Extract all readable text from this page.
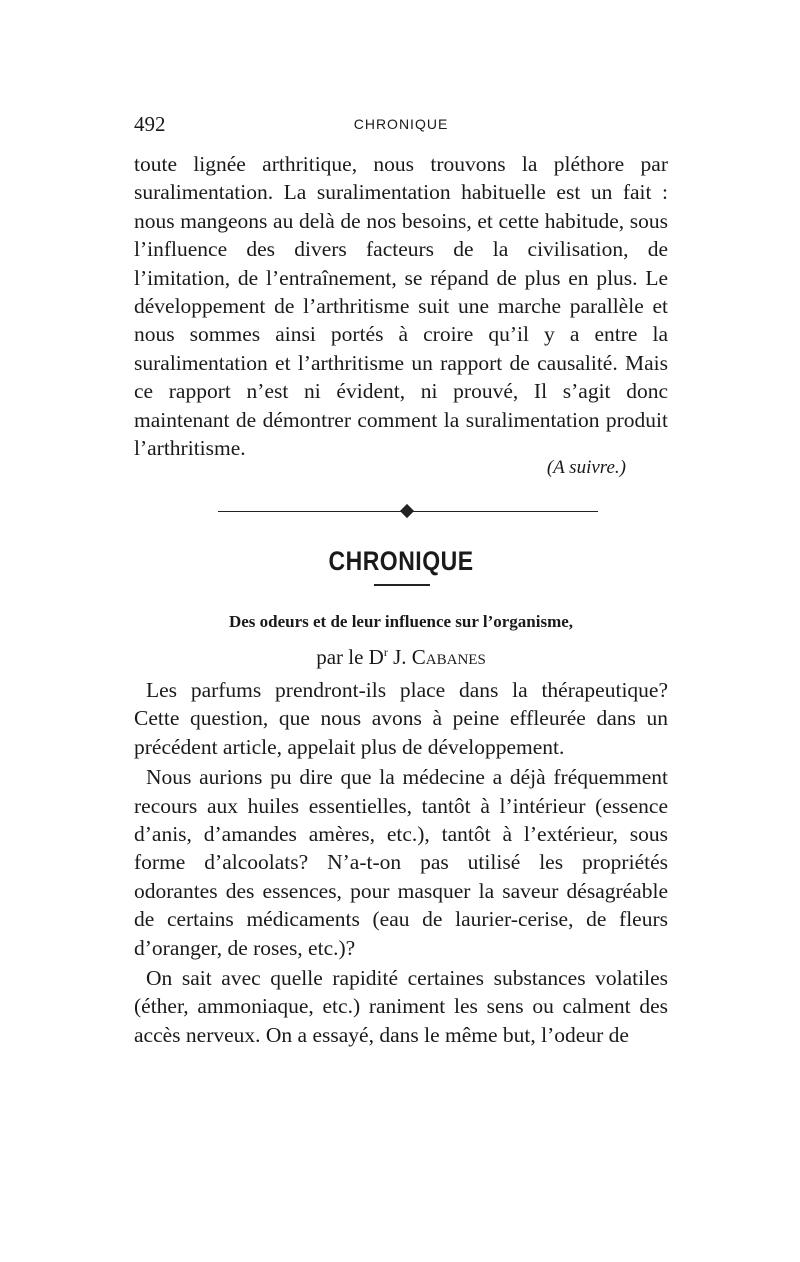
492	CHRONIQUE

toute lignée arthritique, nous trouvons la pléthore par suralimentation. La suralimentation habituelle est un fait : nous mangeons au delà de nos besoins, et cette habitude, sous l’influence des divers facteurs de la civilisation, de l’imitation, de l’entraînement, se répand de plus en plus. Le développement de l’arthritisme suit une marche parallèle et nous sommes ainsi portés à croire qu’il y a entre la suralimentation et l’arthritisme un rapport de causalité. Mais ce rapport n’est ni évident, ni prouvé, Il s’agit donc maintenant de démontrer comment la suralimentation produit l’arthritisme.

(A suivre.)
CHRONIQUE
Des odeurs et de leur influence sur l’organisme,
par le $D^r$ J. Cabanes

Les parfums prendront-ils place dans la thérapeutique? Cette question, que nous avons à peine effleurée dans un précédent article, appelait plus de développement.

Nous aurions pu dire que la médecine a déjà fréquemment recours aux huiles essentielles, tantôt à l’intérieur (essence d’anis, d’amandes amères, etc.), tantôt à l’extérieur, sous forme d’alcoolats? N’a-t-on pas utilisé les propriétés odorantes des essences, pour masquer la saveur désagréable de certains médicaments (eau de laurier-cerise, de fleurs d’oranger, de roses, etc.)?

On sait avec quelle rapidité certaines substances volatiles (éther, ammoniaque, etc.) raniment les sens ou calment des accès nerveux. On a essayé, dans le même but, l’odeur de
